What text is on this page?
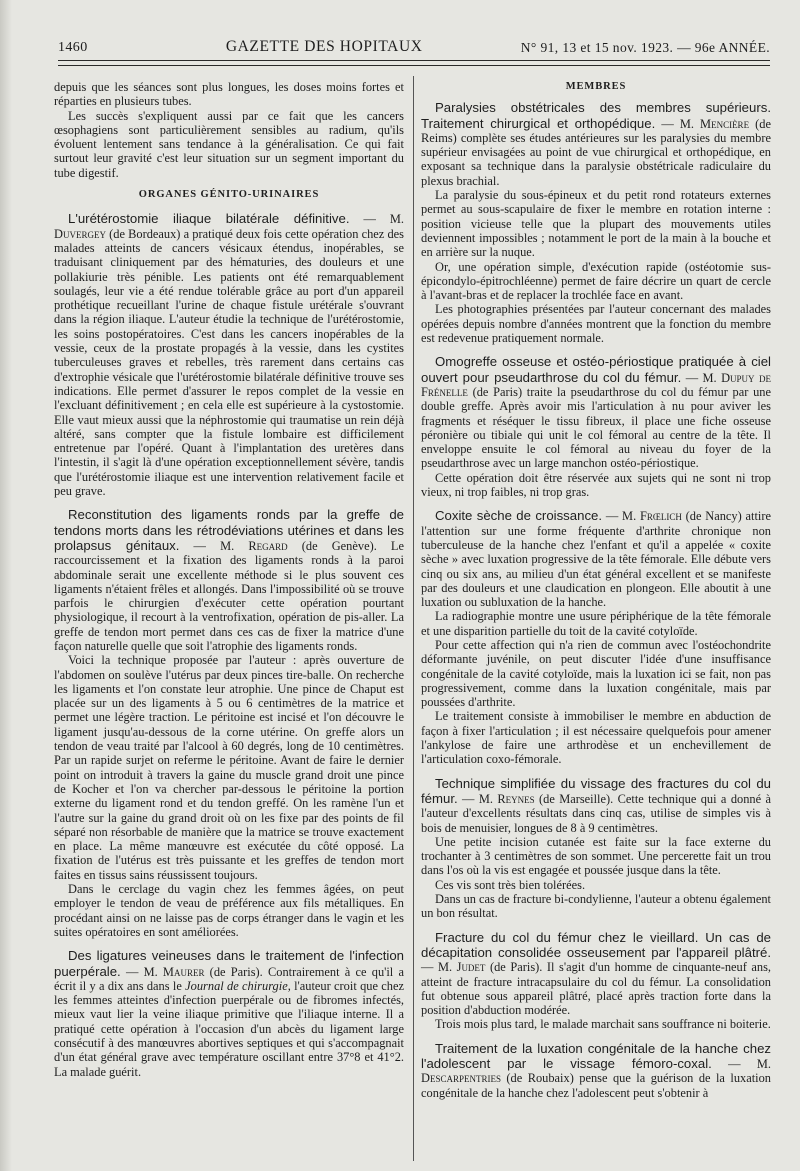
1460	GAZETTE DES HOPITAUX	N° 91, 13 et 15 nov. 1923. — 96e ANNÉE.

depuis que les séances sont plus longues, les doses moins fortes et réparties en plusieurs tubes.

Les succès s'expliquent aussi par ce fait que les cancers œsophagiens sont particulièrement sensibles au radium, qu'ils évoluent lentement sans tendance à la généralisation. Ce qui fait surtout leur gravité c'est leur situation sur un segment important du tube digestif.

ORGANES GÉNITO-URINAIRES

L'urétérostomie iliaque bilatérale définitive. — M. Duvergey (de Bordeaux) a pratiqué deux fois cette opération chez des malades atteints de cancers vésicaux étendus, inopérables, se traduisant cliniquement par des hématuries, des douleurs et une pollakiurie très pénible. Les patients ont été remarquablement soulagés, leur vie a été rendue tolérable grâce au port d'un appareil prothétique recueillant l'urine de chaque fistule urétérale s'ouvrant dans la région iliaque. L'auteur étudie la technique de l'urétérostomie, les soins postopératoires. C'est dans les cancers inopérables de la vessie, ceux de la prostate propagés à la vessie, dans les cystites tuberculeuses graves et rebelles, très rarement dans certains cas d'extrophie vésicale que l'urétérostomie bilatérale définitive trouve ses indications. Elle permet d'assurer le repos complet de la vessie en l'excluant définitivement ; en cela elle est supérieure à la cystostomie. Elle vaut mieux aussi que la néphrostomie qui traumatise un rein déjà altéré, sans compter que la fistule lombaire est difficilement entretenue par l'opéré. Quant à l'implantation des uretères dans l'intestin, il s'agit là d'une opération exceptionnellement sévère, tandis que l'urétérostomie iliaque est une intervention relativement facile et peu grave.

Reconstitution des ligaments ronds par la greffe de tendons morts dans les rétrodéviations utérines et dans les prolapsus génitaux. — M. Regard (de Genève). Le raccourcissement et la fixation des ligaments ronds à la paroi abdominale serait une excellente méthode si le plus souvent ces ligaments n'étaient frêles et allongés. Dans l'impossibilité où se trouve parfois le chirurgien d'exécuter cette opération pourtant physiologique, il recourt à la ventrofixation, opération de pis-aller. La greffe de tendon mort permet dans ces cas de fixer la matrice d'une façon naturelle quelle que soit l'atrophie des ligaments ronds.

Voici la technique proposée par l'auteur : après ouverture de l'abdomen on soulève l'utérus par deux pinces tire-balle. On recherche les ligaments et l'on constate leur atrophie. Une pince de Chaput est placée sur un des ligaments à 5 ou 6 centimètres de la matrice et permet une légère traction. Le péritoine est incisé et l'on découvre le ligament jusqu'au-dessous de la corne utérine. On greffe alors un tendon de veau traité par l'alcool à 60 degrés, long de 10 centimètres. Par un rapide surjet on referme le péritoine. Avant de faire le dernier point on introduit à travers la gaine du muscle grand droit une pince de Kocher et l'on va chercher par-dessous le péritoine la portion externe du ligament rond et du tendon greffé. On les ramène l'un et l'autre sur la gaine du grand droit où on les fixe par des points de fil séparé non résorbable de manière que la matrice se trouve exactement en place. La même manœuvre est exécutée du côté opposé. La fixation de l'utérus est très puissante et les greffes de tendon mort faites en tissus sains réussissent toujours.

Dans le cerclage du vagin chez les femmes âgées, on peut employer le tendon de veau de préférence aux fils métalliques. En procédant ainsi on ne laisse pas de corps étranger dans le vagin et les suites opératoires en sont améliorées.

Des ligatures veineuses dans le traitement de l'infection puerpérale. — M. Maurer (de Paris). Contrairement à ce qu'il a écrit il y a dix ans dans le Journal de chirurgie, l'auteur croit que chez les femmes atteintes d'infection puerpérale ou de fibromes infectés, mieux vaut lier la veine iliaque primitive que l'iliaque interne. Il a pratiqué cette opération à l'occasion d'un abcès du ligament large consécutif à des manœuvres abortives septiques et qui s'accompagnait d'un état général grave avec température oscillant entre 37°8 et 41°2. La malade guérit.

MEMBRES

Paralysies obstétricales des membres supérieurs. Traitement chirurgical et orthopédique. — M. Mencière (de Reims) complète ses études antérieures sur les paralysies du membre supérieur envisagées au point de vue chirurgical et orthopédique, en exposant sa technique dans la paralysie obstétricale radiculaire du plexus brachial.

La paralysie du sous-épineux et du petit rond rotateurs externes permet au sous-scapulaire de fixer le membre en rotation interne : position vicieuse telle que la plupart des mouvements utiles deviennent impossibles ; notamment le port de la main à la bouche et en arrière sur la nuque.

Or, une opération simple, d'exécution rapide (ostéotomie sus-épicondylo-épitrochléenne) permet de faire décrire un quart de cercle à l'avant-bras et de replacer la trochlée face en avant.

Les photographies présentées par l'auteur concernant des malades opérées depuis nombre d'années montrent que la fonction du membre est redevenue pratiquement normale.

Omogreffe osseuse et ostéo-périostique pratiquée à ciel ouvert pour pseudarthrose du col du fémur. — M. Dupuy de Frénelle (de Paris) traite la pseudarthrose du col du fémur par une double greffe. Après avoir mis l'articulation à nu pour aviver les fragments et réséquer le tissu fibreux, il place une fiche osseuse péronière ou tibiale qui unit le col fémoral au centre de la tête. Il enveloppe ensuite le col fémoral au niveau du foyer de la pseudarthrose avec un large manchon ostéo-périostique.

Cette opération doit être réservée aux sujets qui ne sont ni trop vieux, ni trop faibles, ni trop gras.

Coxite sèche de croissance. — M. Frœlich (de Nancy) attire l'attention sur une forme fréquente d'arthrite chronique non tuberculeuse de la hanche chez l'enfant et qu'il a appelée « coxite sèche » avec luxation progressive de la tête fémorale. Elle débute vers cinq ou six ans, au milieu d'un état général excellent et se manifeste par des douleurs et une claudication en plongeon. Elle aboutit à une luxation ou subluxation de la hanche.

La radiographie montre une usure périphérique de la tête fémorale et une disparition partielle du toit de la cavité cotyloïde.

Pour cette affection qui n'a rien de commun avec l'ostéochondrite déformante juvénile, on peut discuter l'idée d'une insuffisance congénitale de la cavité cotyloïde, mais la luxation ici se fait, non pas progressivement, comme dans la luxation congénitale, mais par poussées d'arthrite.

Le traitement consiste à immobiliser le membre en abduction de façon à fixer l'articulation ; il est nécessaire quelquefois pour amener l'ankylose de faire une arthrodèse et un enchevillement de l'articulation coxo-fémorale.

Technique simplifiée du vissage des fractures du col du fémur. — M. Reynes (de Marseille). Cette technique qui a donné à l'auteur d'excellents résultats dans cinq cas, utilise de simples vis à bois de menuisier, longues de 8 à 9 centimètres.

Une petite incision cutanée est faite sur la face externe du trochanter à 3 centimètres de son sommet. Une percerette fait un trou dans l'os où la vis est engagée et poussée jusque dans la tête.

Ces vis sont très bien tolérées.

Dans un cas de fracture bi-condylienne, l'auteur a obtenu également un bon résultat.

Fracture du col du fémur chez le vieillard. Un cas de décapitation consolidée osseusement par l'appareil plâtré. — M. Judet (de Paris). Il s'agit d'un homme de cinquante-neuf ans, atteint de fracture intracapsulaire du col du fémur. La consolidation fut obtenue sous appareil plâtré, placé après traction forte dans la position d'abduction modérée.

Trois mois plus tard, le malade marchait sans souffrance ni boiterie.

Traitement de la luxation congénitale de la hanche chez l'adolescent par le vissage fémoro-coxal. — M. Descarpentries (de Roubaix) pense que la guérison de la luxation congénitale de la hanche chez l'adolescent peut s'obtenir à
